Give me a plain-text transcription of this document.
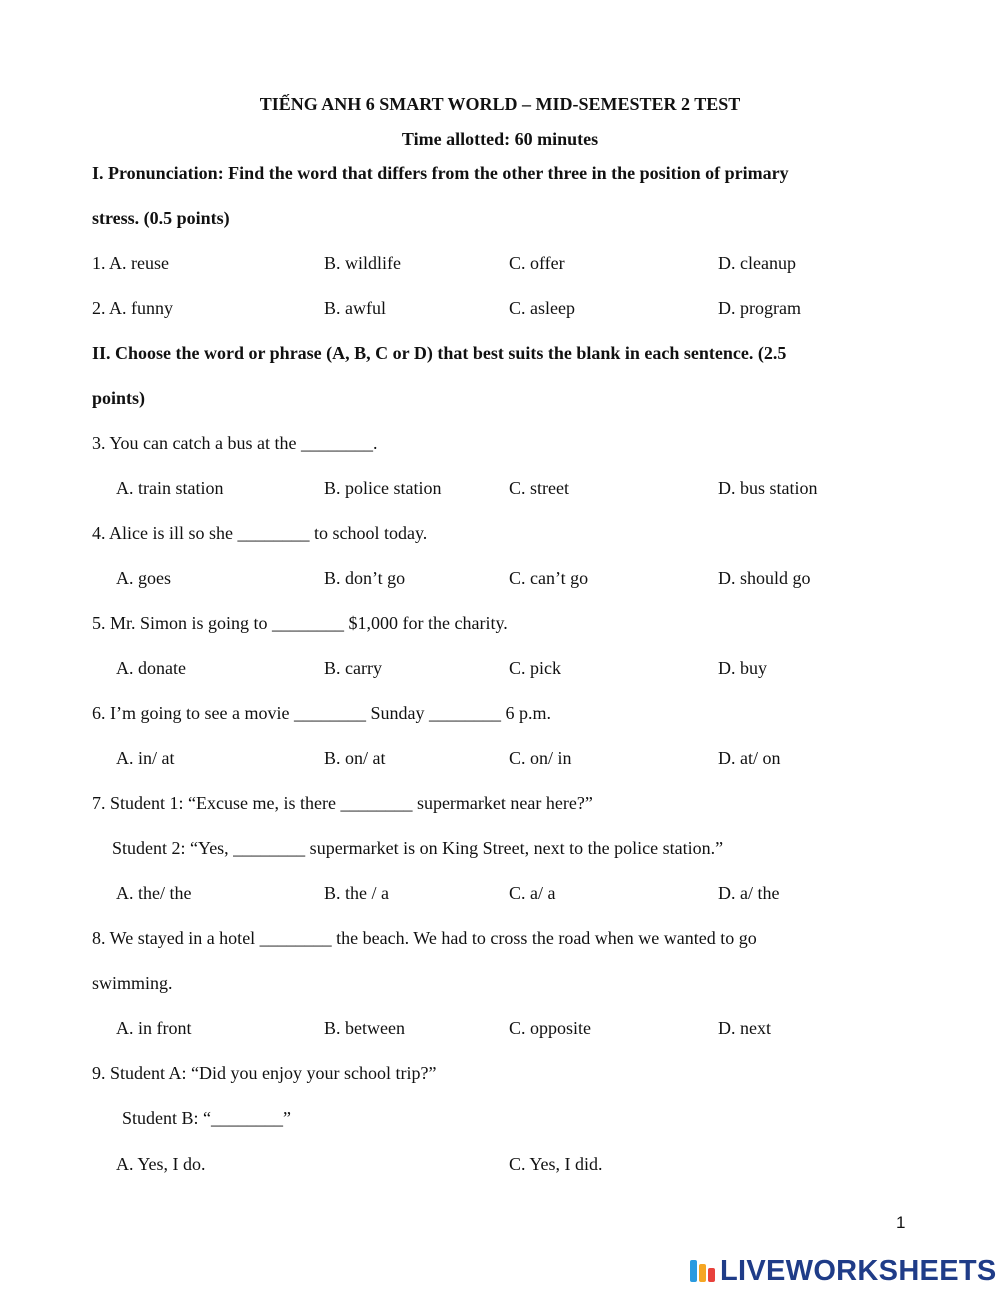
TIẾNG ANH 6 SMART WORLD – MID-SEMESTER 2 TEST
Time allotted: 60 minutes
I. Pronunciation: Find the word that differs from the other three in the position of primary
stress. (0.5 points)
1. A. reuse	B. wildlife	C. offer	D. cleanup
2. A. funny	B. awful	C. asleep	D. program
II. Choose the word or phrase (A, B, C or D) that best suits the blank in each sentence. (2.5
points)
3. You can catch a bus at the ________.
A. train station	B. police station	C. street	D. bus station
4. Alice is ill so she ________ to school today.
A. goes	B. don’t go	C. can’t go	D. should go
5. Mr. Simon is going to ________ $1,000 for the charity.
A. donate	B. carry	C. pick	D. buy
6. I’m going to see a movie ________ Sunday ________ 6 p.m.
A. in/ at	B. on/ at	C. on/ in	D. at/ on
7. Student 1: “Excuse me, is there ________ supermarket near here?”
Student 2: “Yes, ________ supermarket is on King Street, next to the police station.”
A. the/ the	B. the / a	C. a/ a	D. a/ the
8. We stayed in a hotel ________ the beach. We had to cross the road when we wanted to go
swimming.
A. in front	B. between	C. opposite	D. next
9. Student A: “Did you enjoy your school trip?”
Student B: “________”
A. Yes, I do.	C. Yes, I did.
1
LIVEWORKSHEETS
